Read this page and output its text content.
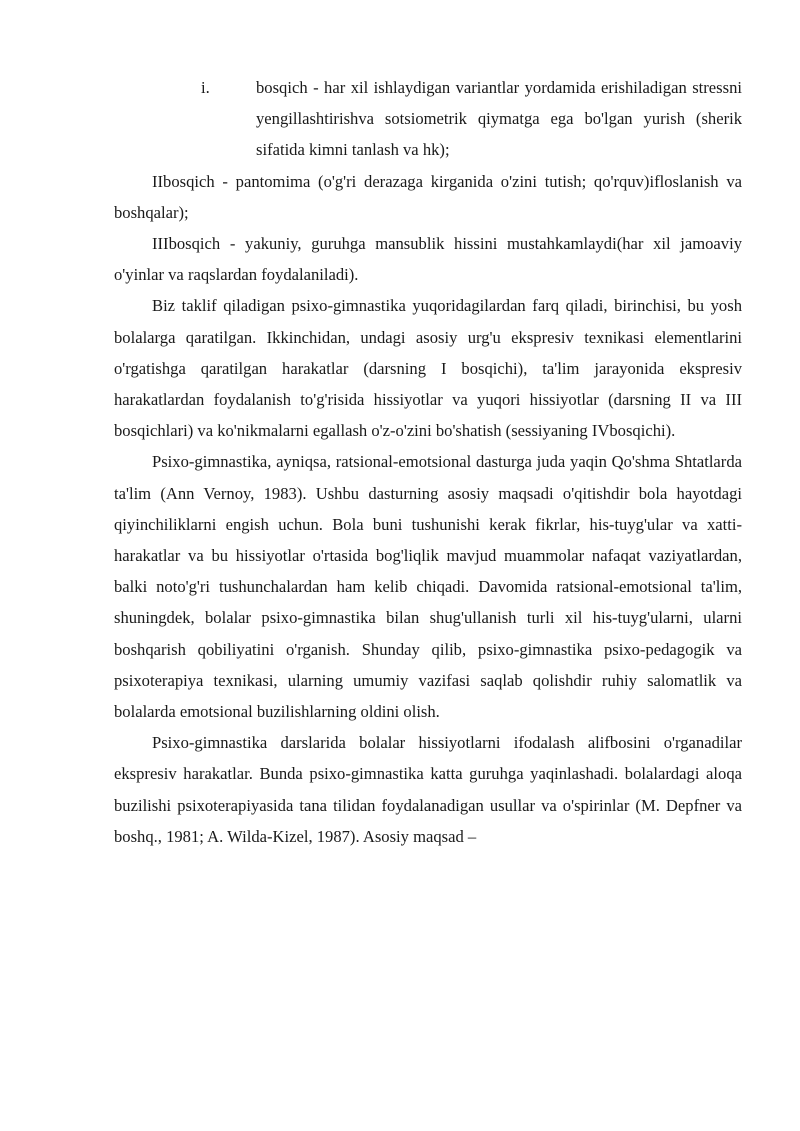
i.	bosqich - har xil ishlaydigan variantlar yordamida erishiladigan stressni yengillashtirishva sotsiometrik qiymatga ega bo'lgan yurish (sherik sifatida kimni tanlash va hk);

IIbosqich - pantomima (o'g'ri derazaga kirganida o'zini tutish; qo'rquv)ifloslanish va boshqalar);

IIIbosqich - yakuniy, guruhga mansublik hissini mustahkamlaydi(har xil jamoaviy o'yinlar va raqslardan foydalaniladi).

Biz taklif qiladigan psixo-gimnastika yuqoridagilardan farq qiladi, birinchisi, bu yosh bolalarga qaratilgan. Ikkinchidan, undagi asosiy urg'u ekspresiv texnikasi elementlarini o'rgatishga qaratilgan harakatlar (darsning I bosqichi), ta'lim jarayonida ekspresiv harakatlardan foydalanish to'g'risida hissiyotlar va yuqori hissiyotlar (darsning II va III bosqichlari) va ko'nikmalarni egallash o'z-o'zini bo'shatish (sessiyaning IVbosqichi).

Psixo-gimnastika, ayniqsa, ratsional-emotsional dasturga juda yaqin Qo'shma Shtatlarda ta'lim (Ann Vernoy, 1983). Ushbu dasturning asosiy maqsadi o'qitishdir bola hayotdagi qiyinchiliklarni engish uchun. Bola buni tushunishi kerak fikrlar, his-tuyg'ular va xatti-harakatlar va bu hissiyotlar o'rtasida bog'liqlik mavjud muammolar nafaqat vaziyatlardan, balki noto'g'ri tushunchalardan ham kelib chiqadi. Davomida ratsional-emotsional ta'lim, shuningdek, bolalar psixo-gimnastika bilan shug'ullanish turli xil his-tuyg'ularni, ularni boshqarish qobiliyatini o'rganish. Shunday qilib, psixo-gimnastika psixo-pedagogik va psixoterapiya texnikasi, ularning umumiy vazifasi saqlab qolishdir ruhiy salomatlik va bolalarda emotsional buzilishlarning oldini olish.

Psixo-gimnastika darslarida bolalar hissiyotlarni ifodalash alifbosini o'rganadilar ekspresiv harakatlar. Bunda psixo-gimnastika katta guruhga yaqinlashadi. bolalardagi aloqa buzilishi psixoterapiyasida tana tilidan foydalanadigan usullar va o'spirinlar (M. Depfner va boshq., 1981; A. Wilda-Kizel, 1987). Asosiy maqsad –
